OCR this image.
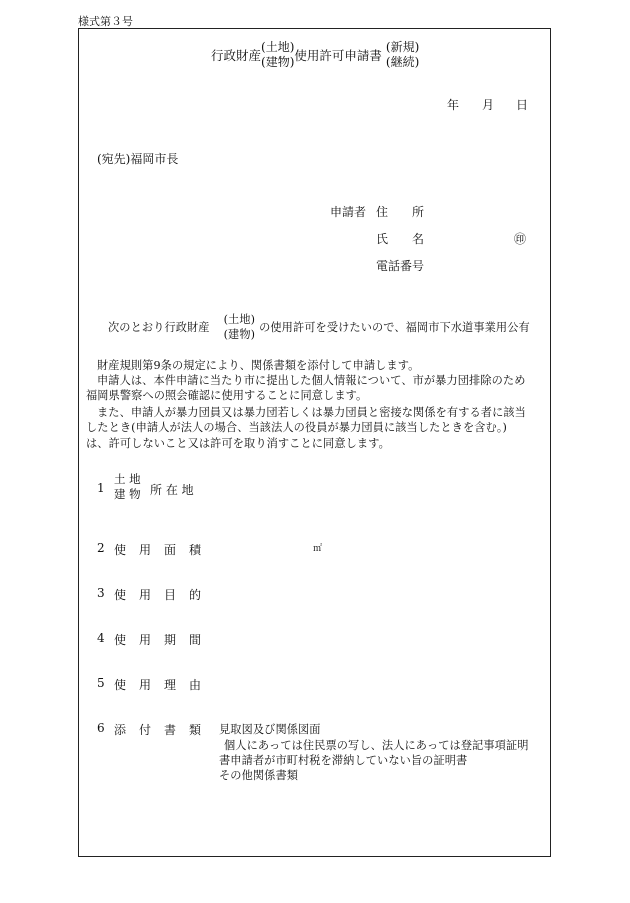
様式第３号
行政財産
(土地)
(建物) 使用許可申請書
(新規)
(継続)
年 月 日
(宛先)福岡市長
申請者 住　　所
氏　　名	㊞
電話番号
次のとおり行政財産
(土地)
(建物)
の使用許可を受けたいので、福岡市下水道事業用公有
財産規則第9条の規定により、関係書類を添付して申請します。
申請人は、本件申請に当たり市に提出した個人情報について、市が暴力団排除のため
福岡県警察への照会確認に使用することに同意します。
また、申請人が暴力団員又は暴力団若しくは暴力団員と密接な関係を有する者に該当
したとき(申請人が法人の場合、当該法人の役員が暴力団員に該当したときを含む。)
は、許可しないこと又は許可を取り消すことに同意します。
1
土 地
建 物 所 在 地
2 使用面積	㎡
3 使用目的
4 使用期間
5 使用理由
6 添付書類 見取図及び関係図面
個人にあっては住民票の写し、法人にあっては登記事項証明
書申請者が市町村税を滞納していない旨の証明書
その他関係書類
